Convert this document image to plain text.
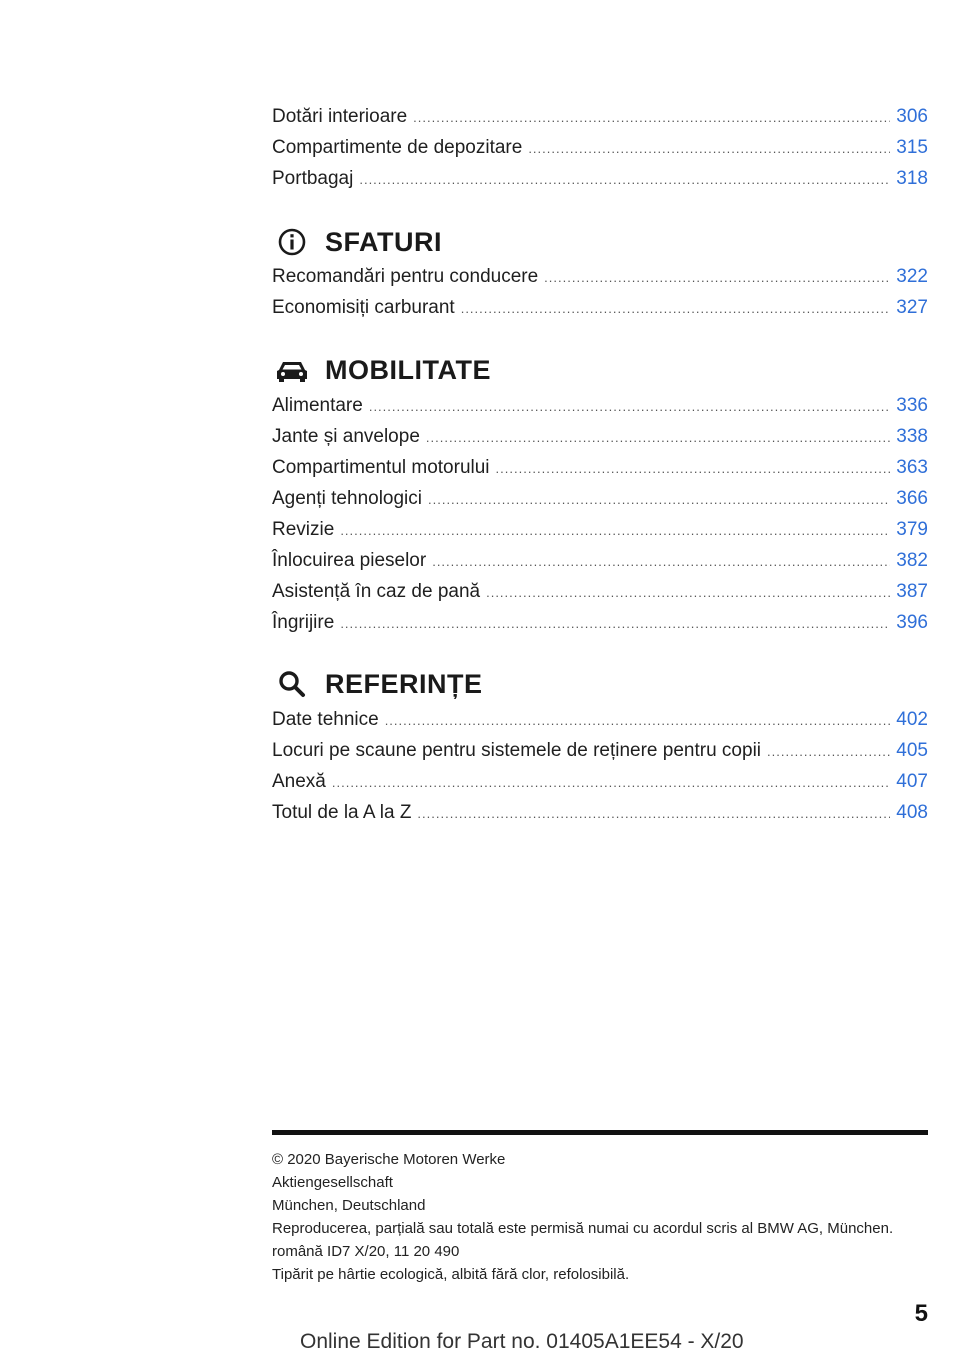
Dotări interioare .....	306
Compartimente de depozitare .....	315
Portbagaj .....	318
SFATURI
Recomandări pentru conducere .....	322
Economisiți carburant .....	327
MOBILITATE
Alimentare .....	336
Jante și anvelope .....	338
Compartimentul motorului .....	363
Agenți tehnologici .....	366
Revizie .....	379
Înlocuirea pieselor .....	382
Asistență în caz de pană .....	387
Îngrijire .....	396
REFERINȚE
Date tehnice .....	402
Locuri pe scaune pentru sistemele de reținere pentru copii .....	405
Anexă .....	407
Totul de la A la Z .....	408
© 2020 Bayerische Motoren Werke
Aktiengesellschaft
München, Deutschland
Reproducerea, parțială sau totală este permisă numai cu acordul scris al BMW AG, München.
română ID7 X/20, 11 20 490
Tipărit pe hârtie ecologică, albită fără clor, refolosibilă.
5
Online Edition for Part no. 01405A1EE54 - X/20
